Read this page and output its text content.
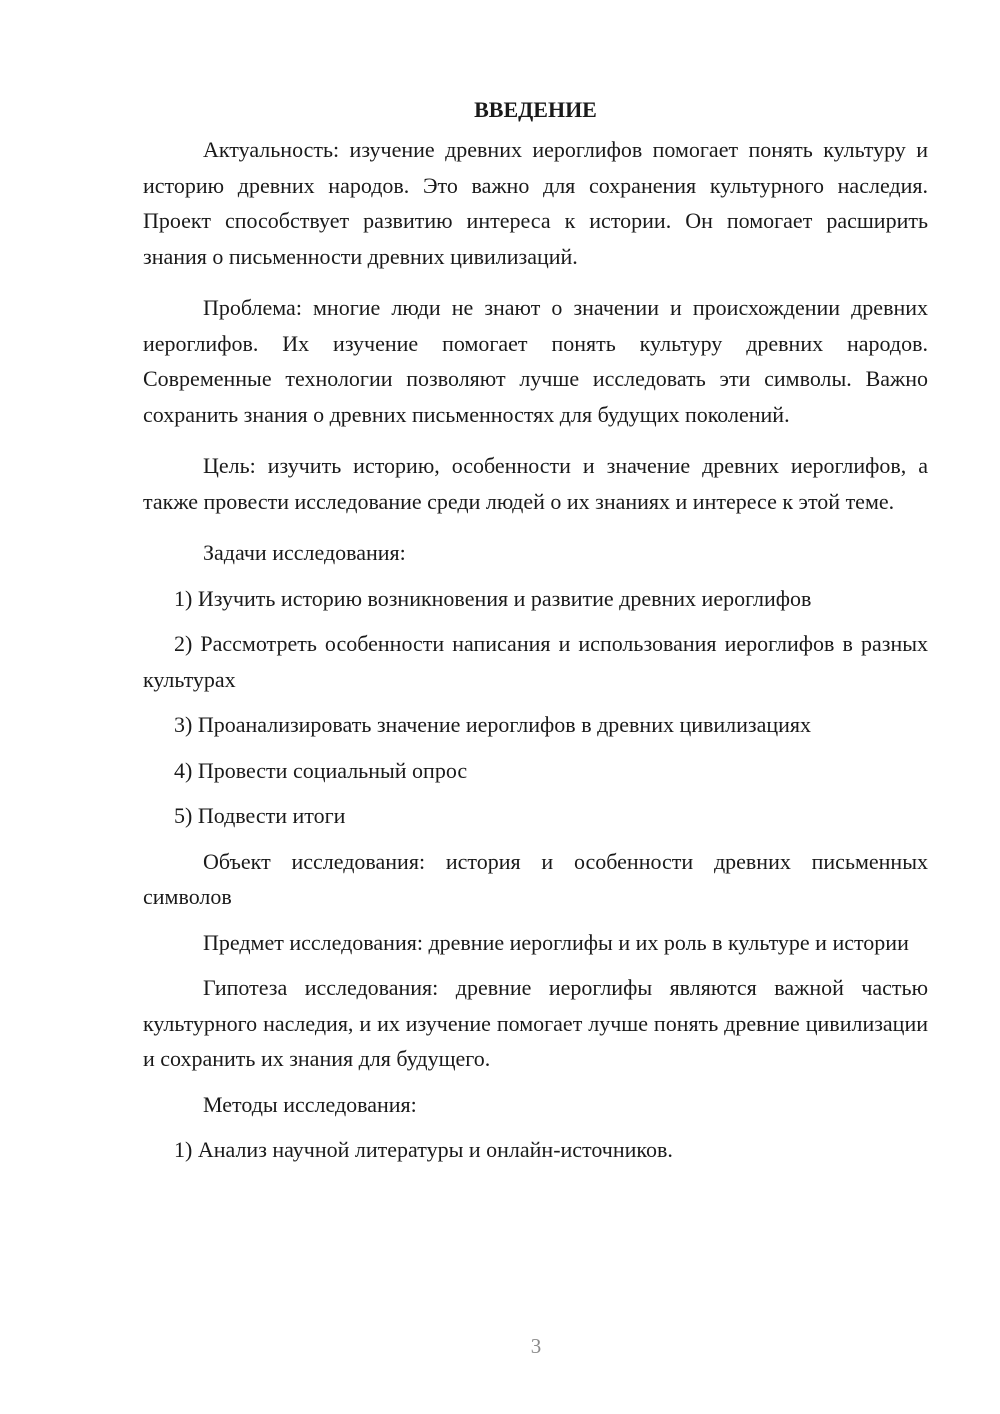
ВВЕДЕНИЕ

Актуальность: изучение древних иероглифов помогает понять культуру и историю древних народов. Это важно для сохранения культурного наследия. Проект способствует развитию интереса к истории. Он помогает расширить знания о письменности древних цивилизаций.

Проблема: многие люди не знают о значении и происхождении древних иероглифов. Их изучение помогает понять культуру древних народов. Современные технологии позволяют лучше исследовать эти символы. Важно сохранить знания о древних письменностях для будущих поколений.

Цель: изучить историю, особенности и значение древних иероглифов, а также провести исследование среди людей о их знаниях и интересе к этой теме.

Задачи исследования:

1) Изучить историю возникновения и развитие древних иероглифов

2) Рассмотреть особенности написания и использования иероглифов в разных культурах

3) Проанализировать значение иероглифов в древних цивилизациях

4) Провести социальный опрос

5) Подвести итоги

Объект исследования: история и особенности древних письменных символов

Предмет исследования: древние иероглифы и их роль в культуре и истории

Гипотеза исследования: древние иероглифы являются важной частью культурного наследия, и их изучение помогает лучше понять древние цивилизации и сохранить их знания для будущего.

Методы исследования:

1) Анализ научной литературы и онлайн-источников.

3
